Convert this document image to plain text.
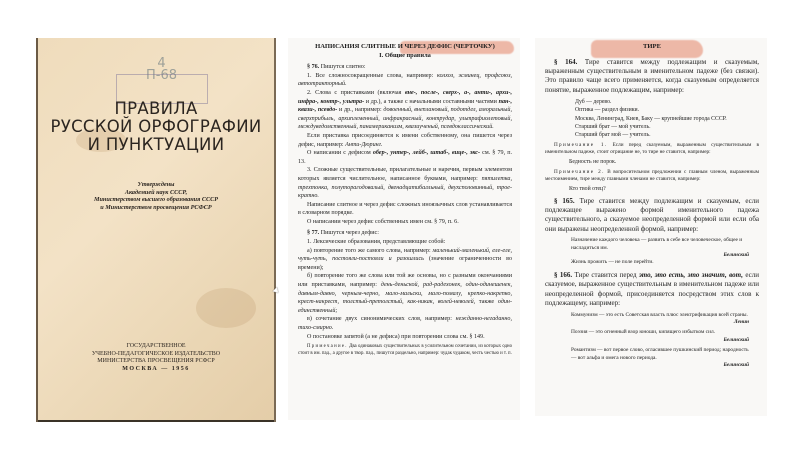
4
П-68
ПРАВИЛА
РУССКОЙ ОРФОГРАФИИ
И ПУНКТУАЦИИ
Утверждены
Академией наук СССР,
Министерством высшего образования СССР
и Министерством просвещения РСФСР
ГОСУДАРСТВЕННОЕ
УЧЕБНО-ПЕДАГОГИЧЕСКОЕ ИЗДАТЕЛЬСТВО
МИНИСТЕРСТВА ПРОСВЕЩЕНИЯ РСФСР
МОСКВА — 1956
НАПИСАНИЯ СЛИТНЫЕ И ЧЕРЕЗ ДЕФИС (ЧЕРТОЧКУ)
I. Общие правила

§ 76. Пишутся слитно:

1. Все сложносокращенные слова, например: колхоз, эсминец, профсоюз, автотракторный.

2. Слова с приставками (включая вне-, после-, сверх-, а-, анти-, архи-, инфра-, контр-, ультра- и др.), а также с начальными составными частями пан-, квази-, псевдо- и др., например: довоенный, внеплановый, подотдел, аморальный, сверхприбыль, архиплеменный, инфракрасный, контрудар, ультрафиолетовый, междуведомственный, панамериканизм, квазиученый, псевдоклассический.

Если приставка присоединяется к имени собственному, она пишется через дефис, например: Анти-Дюринг.

О написании с дефисом обер-, унтер-, лейб-, штаб-, вице-, экс- см. § 79, п. 13.

3. Сложные существительные, прилагательные и наречия, первым элементом которых является числительное, написанное буквами, например: пятилетка, трехтонка, полуторагодовалый, двенадцатибалльный, двухсполовинный, троекратно.

Написание слитное и через дефис сложных иноязычных слов устанавливается в словарном порядке.

О написании через дефис собственных имен см. § 79, п. 6.

§ 77. Пишутся через дефис:

1. Лексические образования, представляющие собой:

а) повторение того же самого слова, например: маленький-маленький, еле-еле, чуть-чуть, постояли-постояли и разошлись (значение ограниченности во времени);

б) повторение того же слова или той же основы, но с разными окончаниями или приставками, например: день-деньской, рад-радехонек, один-одинешенек, давным-давно, черным-черно, мало-мальски, мало-помалу, крепко-накрепко, крест-накрест, толстый-претолстый, как-никак, волей-неволей, также один-единственный;

в) сочетание двух синонимических слов, например: нежданно-негаданно, тихо-смирно.

О постановке запятой (а не дефиса) при повторении слова см. § 149.

Примечание. Два одинаковых существительных в усилительном сочетании, из которых одно стоит в им. пад., а другое в твор. пад., пишутся раздельно, например: чудак чудаком, честь честью и т. п.

ТИРЕ

§ 164. Тире ставится между подлежащим и сказуемым, выраженным существительным в именительном падеже (без связки). Это правило чаще всего применяется, когда сказуемым определяется понятие, выраженное подлежащим, например:

Дуб — дерево.
Оптика — раздел физики.
Москва, Ленинград, Киев, Баку — крупнейшие города СССР.
Старший брат — мой учитель.
Старший брат мой — учитель.

Примечание 1. Если перед сказуемым, выраженным существительным в именительном падеже, стоит отрицание не, то тире не ставится, например:

Бедность не порок.

Примечание 2. В вопросительном предложении с главным членом, выраженным местоимением, тире между главными членами не ставится, например:

Кто твой отец?

§ 165. Тире ставится между подлежащим и сказуемым, если подлежащее выражено формой именительного падежа существительного, а сказуемое неопределенной формой или если оба они выражены неопределенной формой, например:

Назначение каждого человека — развить в себе все человеческое, общее и насладиться им.
Белинский
Жизнь прожить — не поле перейти.

§ 166. Тире ставится перед это, это есть, это значит, вот, если сказуемое, выраженное существительным в именительном падеже или неопределенной формой, присоединяется посредством этих слов к подлежащему, например:

Коммунизм — это есть Советская власть плюс электрификация всей страны.
Ленин
Поэзия — это огненный взор юноши, кипящего избытком сил.
Белинский
Романтизм — вот первое слово, огласившее пушкинский период; народность — вот альфа и омега нового периода.
Белинский
